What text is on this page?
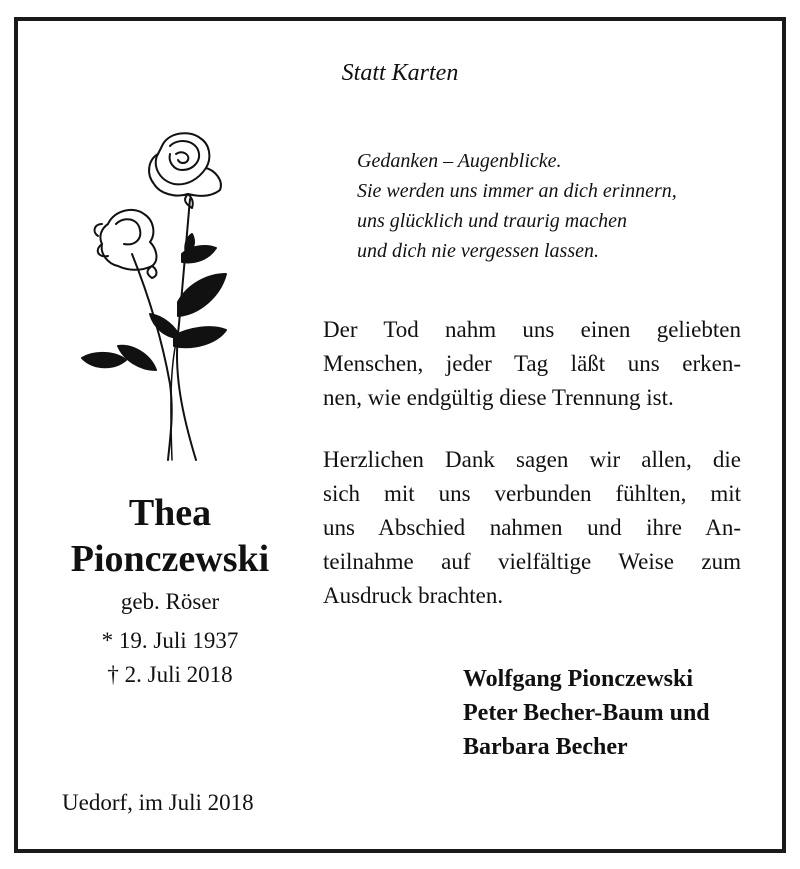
Statt Karten
Gedanken – Augenblicke.
Sie werden uns immer an dich erinnern,
uns glücklich und traurig machen
und dich nie vergessen lassen.
Der Tod nahm uns einen geliebten
Menschen, jeder Tag läßt uns erken-
nen, wie endgültig diese Trennung ist.
Herzlichen Dank sagen wir allen, die
sich mit uns verbunden fühlten, mit
uns Abschied nahmen und ihre An-
teilnahme auf vielfältige Weise zum
Ausdruck brachten.
Thea
Pionczewski
geb. Röser
* 19. Juli 1937
† 2. Juli 2018	Wolfgang Pionczewski
Peter Becher-Baum und
Barbara Becher
Uedorf, im Juli 2018
